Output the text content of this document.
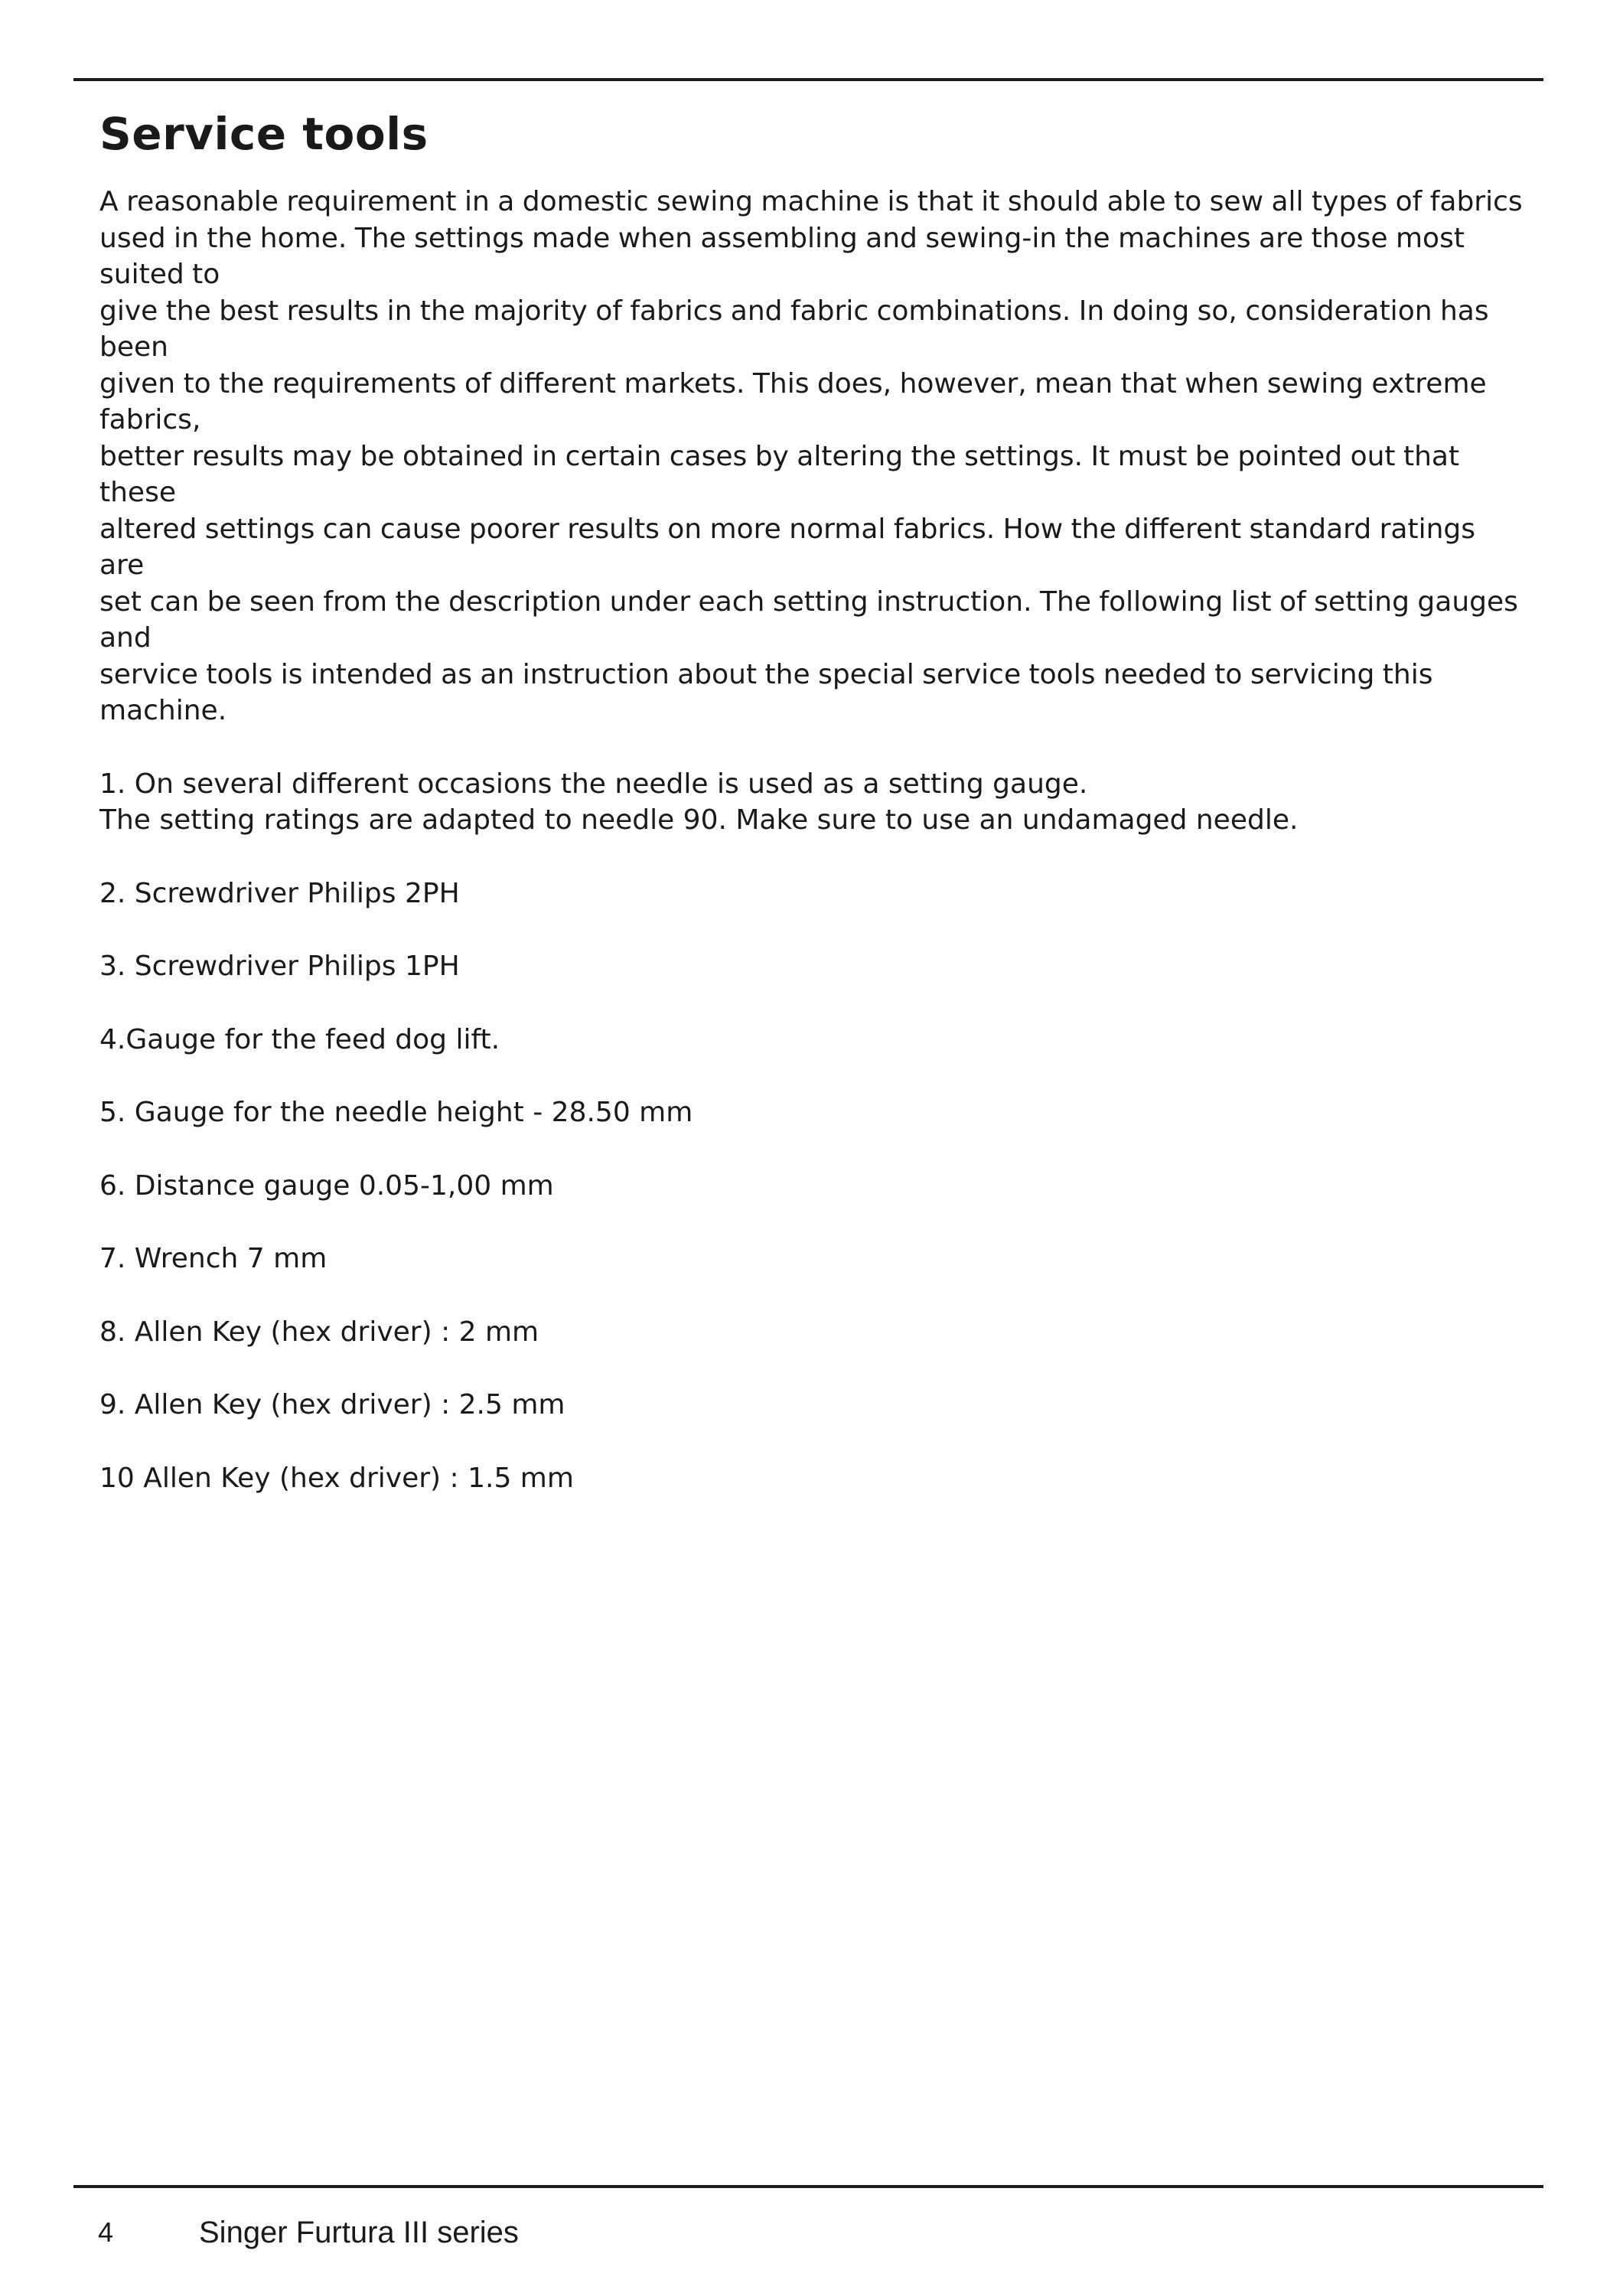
Service tools
A reasonable requirement in a domestic sewing machine is that it should able to sew all types of fabrics
used in the home. The settings made when assembling and sewing-in the machines are those most suited to
give the best results in the majority of fabrics and fabric combinations. In doing so, consideration has been
given to the requirements of different markets. This does, however, mean that when sewing extreme fabrics,
better results may be obtained in certain cases by altering the settings. It must be pointed out that these
altered settings can cause poorer results on more normal fabrics. How the different standard ratings are
set can be seen from the description under each setting instruction. The following list of setting gauges and
service tools is intended as an instruction about the special service tools needed to servicing this machine.

1. On several different occasions the needle is used as a setting gauge.

The setting ratings are adapted to needle 90. Make sure to use an undamaged needle.

2. Screwdriver Philips 2PH

3. Screwdriver Philips 1PH

4.Gauge for the feed dog lift.

5. Gauge for the needle height - 28.50 mm

6. Distance gauge 0.05-1,00 mm

7. Wrench 7 mm

8. Allen Key (hex driver) : 2 mm

9. Allen Key (hex driver) : 2.5 mm

10 Allen Key (hex driver) : 1.5 mm

4	Singer Furtura III series
